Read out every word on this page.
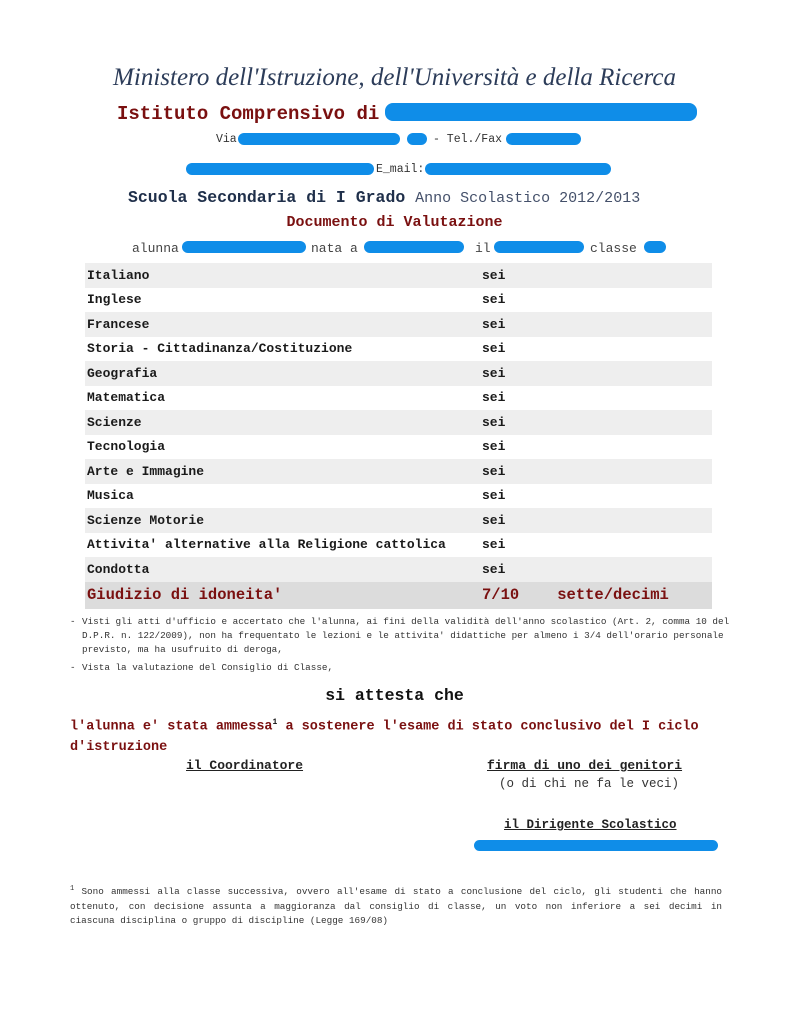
Ministero dell'Istruzione, dell'Università e della Ricerca
Istituto Comprensivo di
Via	- Tel./Fax
E_mail:
Scuola Secondaria di I Grado Anno Scolastico 2012/2013
Documento di Valutazione
alunna	nata a	il	classe
Italiano	sei
Inglese	sei
Francese	sei
Storia - Cittadinanza/Costituzione	sei
Geografia	sei
Matematica	sei
Scienze	sei
Tecnologia	sei
Arte e Immagine	sei
Musica	sei
Scienze Motorie	sei
Attivita' alternative alla Religione cattolica	sei
Condotta	sei
Giudizio di idoneita'	7/10 sette/decimi
- Visti gli atti d'ufficio e accertato che l'alunna, ai fini della validità dell'anno scolastico (Art. 2, comma 10 del D.P.R. n. 122/2009), non ha frequentato le lezioni e le attivita' didattiche per almeno i 3/4 dell'orario personale previsto, ma ha usufruito di deroga,
- Vista la valutazione del Consiglio di Classe,
si attesta che
l'alunna e' stata ammessa$^1$ a sostenere l'esame di stato conclusivo del I ciclo d'istruzione
il Coordinatore	firma di uno dei genitori
(o di chi ne fa le veci)
il Dirigente Scolastico
$^1$ Sono ammessi alla classe successiva, ovvero all'esame di stato a conclusione del ciclo, gli studenti che hanno ottenuto, con decisione assunta a maggioranza dal consiglio di classe, un voto non inferiore a sei decimi in ciascuna disciplina o gruppo di discipline (Legge 169/08)
